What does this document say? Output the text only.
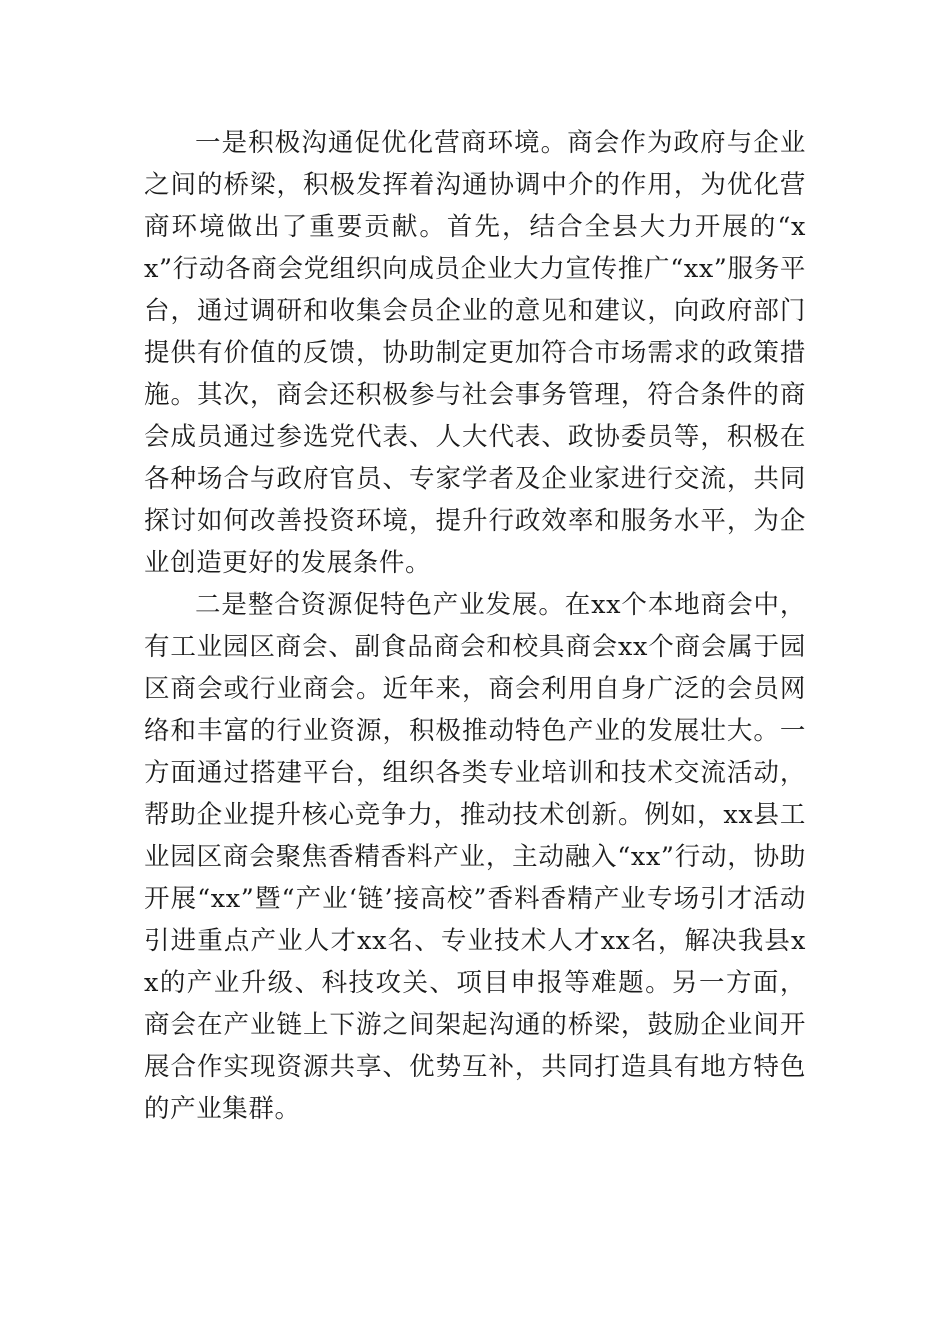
一是积极沟通促优化营商环境。商会作为政府与企业之间的桥梁，积极发挥着沟通协调中介的作用，为优化营商环境做出了重要贡献。首先，结合全县大力开展的“xx”行动各商会党组织向成员企业大力宣传推广“xx”服务平台，通过调研和收集会员企业的意见和建议，向政府部门提供有价值的反馈，协助制定更加符合市场需求的政策措施。其次，商会还积极参与社会事务管理，符合条件的商会成员通过参选党代表、人大代表、政协委员等，积极在各种场合与政府官员、专家学者及企业家进行交流，共同探讨如何改善投资环境，提升行政效率和服务水平，为企业创造更好的发展条件。

二是整合资源促特色产业发展。在xx个本地商会中，有工业园区商会、副食品商会和校具商会xx个商会属于园区商会或行业商会。近年来，商会利用自身广泛的会员网络和丰富的行业资源，积极推动特色产业的发展壮大。一方面通过搭建平台，组织各类专业培训和技术交流活动，帮助企业提升核心竞争力，推动技术创新。例如，xx县工业园区商会聚焦香精香料产业，主动融入“xx”行动，协助开展“xx”暨“产业‘链’接高校”香料香精产业专场引才活动引进重点产业人才xx名、专业技术人才xx名，解决我县xx的产业升级、科技攻关、项目申报等难题。另一方面，商会在产业链上下游之间架起沟通的桥梁，鼓励企业间开展合作实现资源共享、优势互补，共同打造具有地方特色的产业集群。
